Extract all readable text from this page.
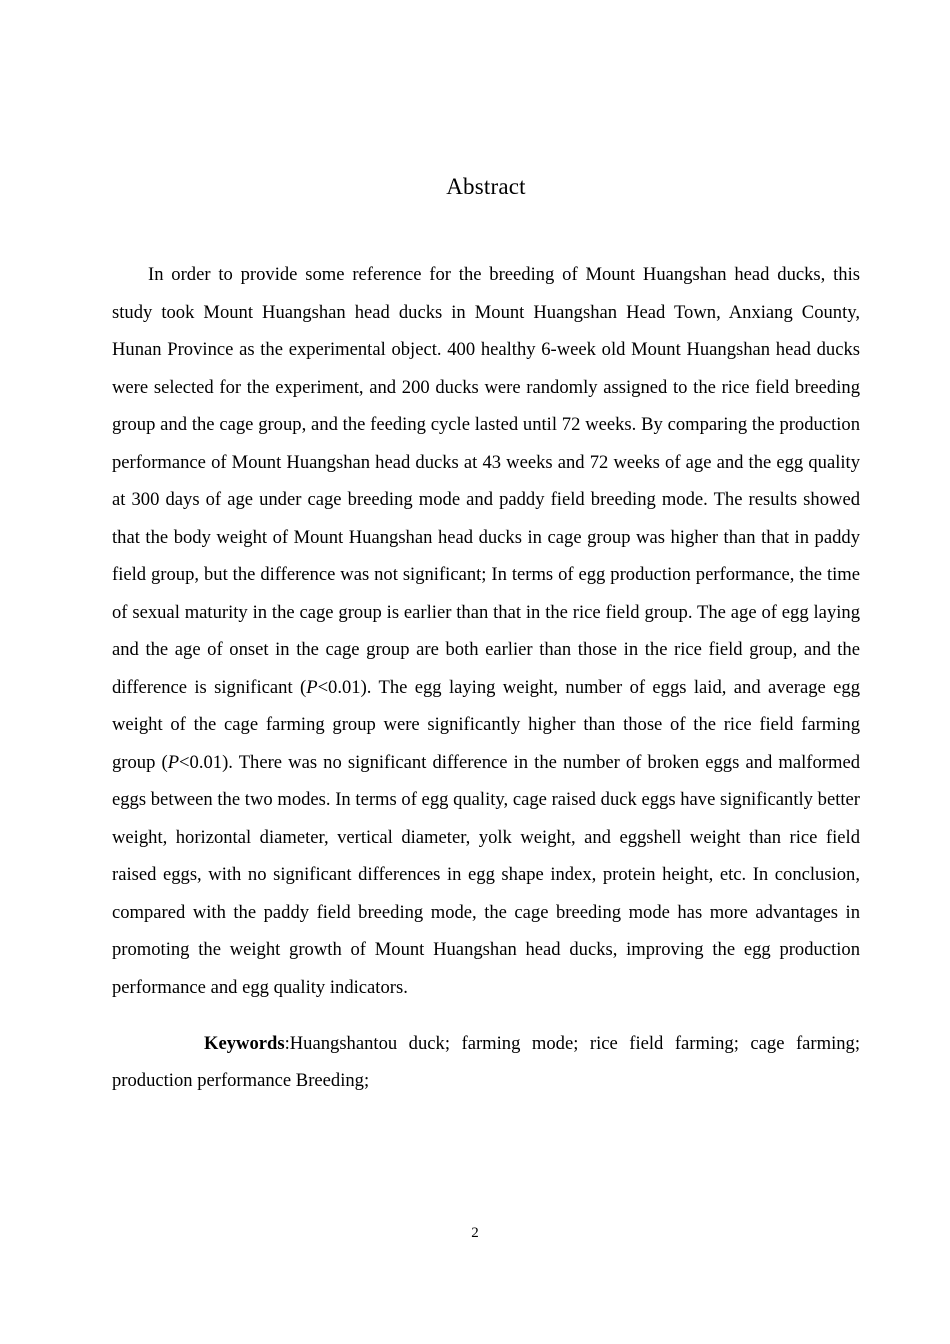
Abstract

In order to provide some reference for the breeding of Mount Huangshan head ducks, this study took Mount Huangshan head ducks in Mount Huangshan Head Town, Anxiang County, Hunan Province as the experimental object. 400 healthy 6-week old Mount Huangshan head ducks were selected for the experiment, and 200 ducks were randomly assigned to the rice field breeding group and the cage group, and the feeding cycle lasted until 72 weeks. By comparing the production performance of Mount Huangshan head ducks at 43 weeks and 72 weeks of age and the egg quality at 300 days of age under cage breeding mode and paddy field breeding mode. The results showed that the body weight of Mount Huangshan head ducks in cage group was higher than that in paddy field group, but the difference was not significant; In terms of egg production performance, the time of sexual maturity in the cage group is earlier than that in the rice field group. The age of egg laying and the age of onset in the cage group are both earlier than those in the rice field group, and the difference is significant (P<0.01). The egg laying weight, number of eggs laid, and average egg weight of the cage farming group were significantly higher than those of the rice field farming group (P<0.01). There was no significant difference in the number of broken eggs and malformed eggs between the two modes. In terms of egg quality, cage raised duck eggs have significantly better weight, horizontal diameter, vertical diameter, yolk weight, and eggshell weight than rice field raised eggs, with no significant differences in egg shape index, protein height, etc. In conclusion, compared with the paddy field breeding mode, the cage breeding mode has more advantages in promoting the weight growth of Mount Huangshan head ducks, improving the egg production performance and egg quality indicators.

Keywords:Huangshantou duck; farming mode; rice field farming; cage farming; production performance Breeding;

2
